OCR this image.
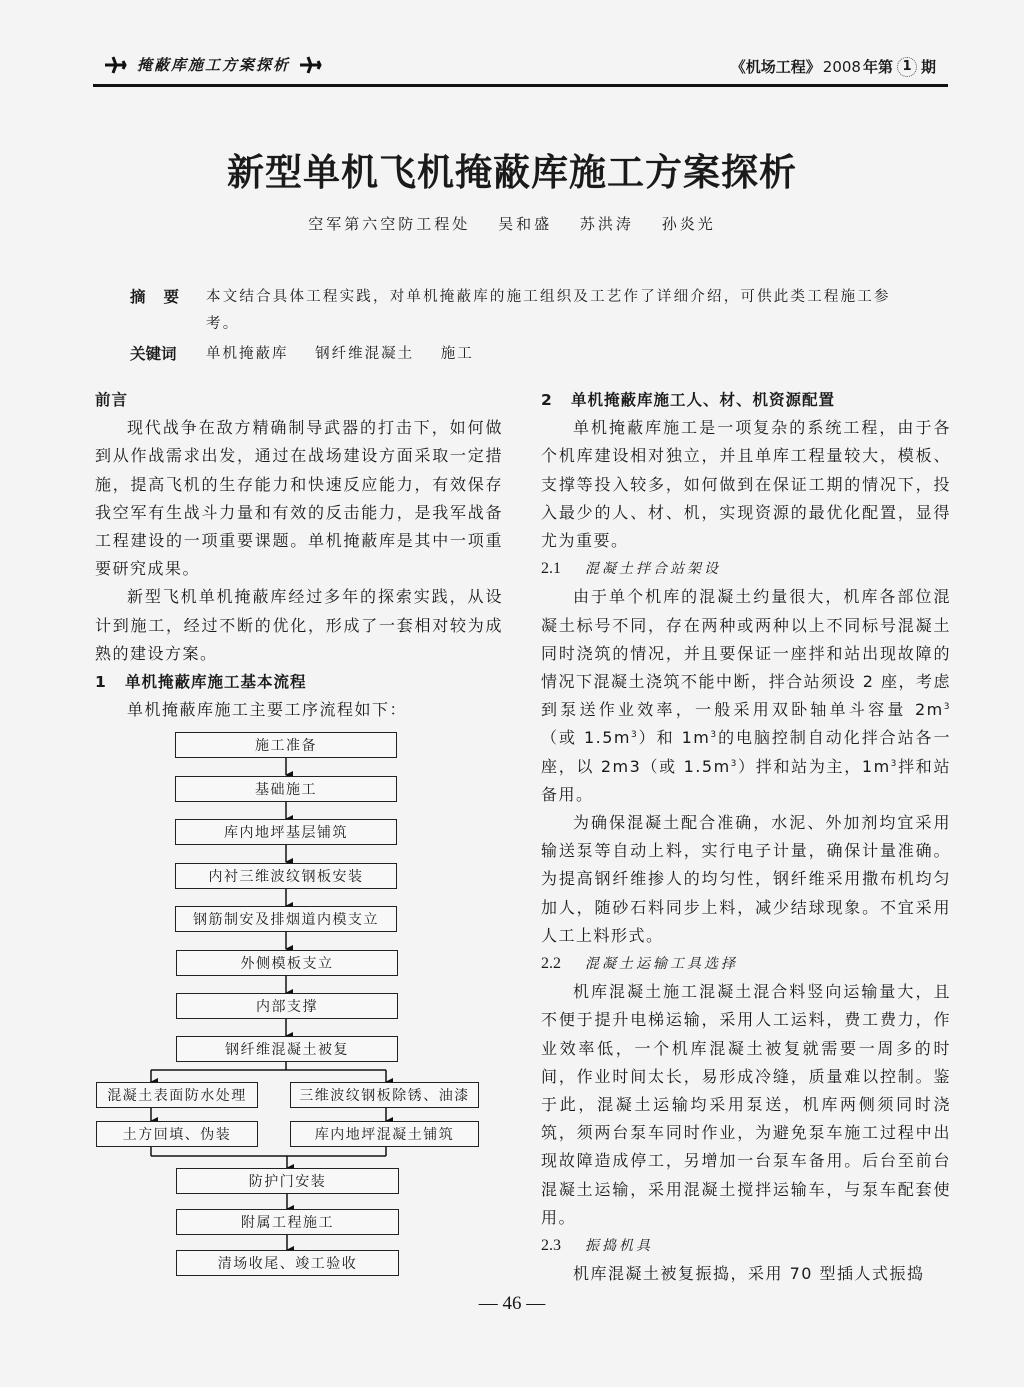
掩蔽库施工方案探析	《机场工程》 2008 年第 1 期
新型单机飞机掩蔽库施工方案探析
空军第六空防工程处 吴和盛 苏洪涛 孙炎光
摘要 本文结合具体工程实践，对单机掩蔽库的施工组织及工艺作了详细介绍，可供此类工程施工参考。
关键词	单机掩蔽库 钢纤维混凝土 施工
前言

现代战争在敌方精确制导武器的打击下，如何做到从作战需求出发，通过在战场建设方面采取一定措施，提高飞机的生存能力和快速反应能力，有效保存我空军有生战斗力量和有效的反击能力，是我军战备工程建设的一项重要课题。单机掩蔽库是其中一项重要研究成果。

新型飞机单机掩蔽库经过多年的探索实践，从设计到施工，经过不断的优化，形成了一套相对较为成熟的建设方案。

1 单机掩蔽库施工基本流程

单机掩蔽库施工主要工序流程如下：

施工准备
基础施工
库内地坪基层铺筑
内衬三维波纹钢板安装
钢筋制安及排烟道内模支立
外侧模板支立
内部支撑
钢纤维混凝土被复
混凝土表面防水处理
土方回填、伪装
三维波纹钢板除锈、油漆
库内地坪混凝土铺筑
防护门安装
附属工程施工
清场收尾、竣工验收
2 单机掩蔽库施工人、材、机资源配置

单机掩蔽库施工是一项复杂的系统工程，由于各个机库建设相对独立，并且单库工程量较大，模板、支撑等投入较多，如何做到在保证工期的情况下，投入最少的人、材、机，实现资源的最优化配置，显得尤为重要。

2.1 混凝土拌合站架设

由于单个机库的混凝土约量很大，机库各部位混凝土标号不同，存在两种或两种以上不同标号混凝土同时浇筑的情况，并且要保证一座拌和站出现故障的情况下混凝土浇筑不能中断，拌合站须设 2 座，考虑到泵送作业效率，一般采用双卧轴单斗容量 $2m^3$（或 $1.5m^3$）和 $1m^3$的电脑控制自动化拌合站各一座，以 2m3（或 $1.5m^3$）拌和站为主，$1m^3$拌和站备用。

为确保混凝土配合准确，水泥、外加剂均宜采用输送泵等自动上料，实行电子计量，确保计量准确。为提高钢纤维掺人的均匀性，钢纤维采用撒布机均匀加人，随砂石料同步上料，减少结球现象。不宜采用人工上料形式。

2.2 混凝土运输工具选择

机库混凝土施工混凝土混合料竖向运输量大，且不便于提升电梯运输，采用人工运料，费工费力，作业效率低，一个机库混凝土被复就需要一周多的时间，作业时间太长，易形成冷缝，质量难以控制。鉴于此，混凝土运输均采用泵送，机库两侧须同时浇筑，须两台泵车同时作业，为避免泵车施工过程中出现故障造成停工，另增加一台泵车备用。后台至前台混凝土运输，采用混凝土搅拌运输车，与泵车配套使用。

2.3 振捣机具

机库混凝土被复振捣，采用 70 型插人式振捣

— 46 —
